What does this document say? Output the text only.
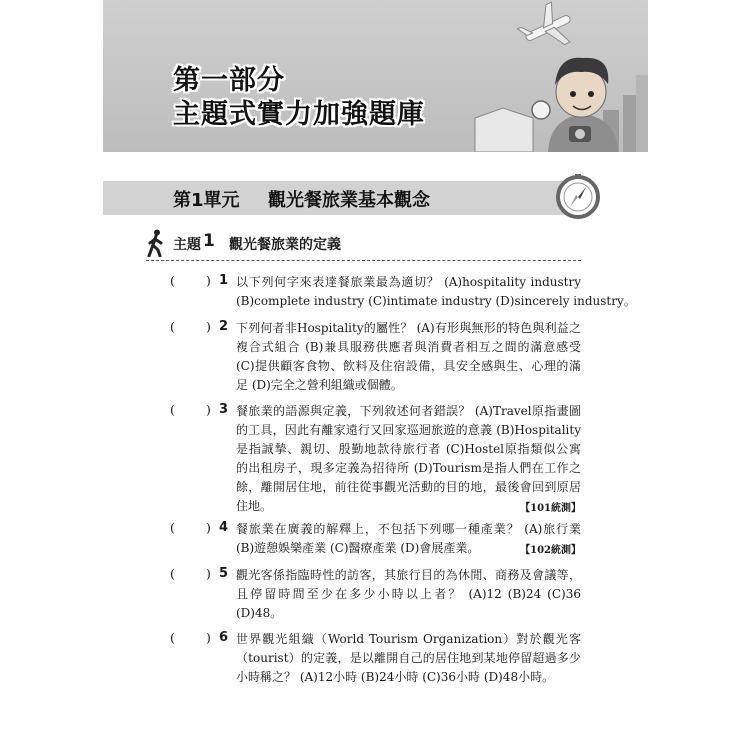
第一部分
主題式實力加強題庫
第1單元 觀光餐旅業基本觀念
主題 1 觀光餐旅業的定義
( ) 1 以下列何字來表達餐旅業最為適切？ (A)hospitality industry
(B)complete industry (C)intimate industry (D)sincerely industry。
( ) 2 下列何者非Hospitality的屬性？ (A)有形與無形的特色與利益之
複合式組合 (B)兼具服務供應者與消費者相互之間的滿意感受
(C)提供顧客食物、飲料及住宿設備，具安全感與生、心理的滿
足 (D)完全之營利組織或個體。
( ) 3 餐旅業的語源與定義，下列敘述何者錯誤？ (A)Travel原指畫圖
的工具，因此有離家遠行又回家巡迴旅遊的意義 (B)Hospitality
是指誠摯、親切、殷勤地款待旅行者 (C)Hostel原指類似公寓
的出租房子，現多定義為招待所 (D)Tourism是指人們在工作之
餘，離開居住地，前往從事觀光活動的目的地，最後會回到原居
住地。	【101統測】
( ) 4 餐旅業在廣義的解釋上，不包括下列哪一種產業？ (A)旅行業
(B)遊憩娛樂產業 (C)醫療產業 (D)會展產業。	【102統測】
( ) 5 觀光客係指臨時性的訪客，其旅行目的為休閒、商務及會議等，
且停留時間至少在多少小時以上者？ (A)12 (B)24 (C)36
(D)48。
( ) 6 世界觀光組織（World Tourism Organization）對於觀光客
（tourist）的定義，是以離開自己的居住地到某地停留超過多少
小時稱之？ (A)12小時 (B)24小時 (C)36小時 (D)48小時。
